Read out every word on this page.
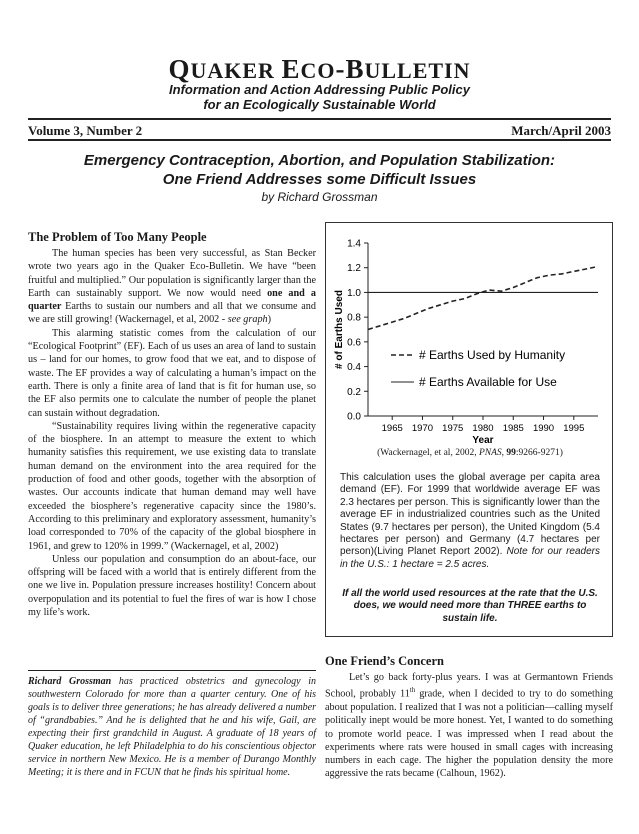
QUAKER ECO-BULLETIN
Information and Action Addressing Public Policy
for an Ecologically Sustainable World
Volume 3, Number 2	March/April 2003
Emergency Contraception, Abortion, and Population Stabilization:
One Friend Addresses some Difficult Issues
by Richard Grossman
The Problem of Too Many People

The human species has been very successful, as Stan Becker wrote two years ago in the Quaker Eco-Bulletin. We have “been fruitful and multiplied.” Our population is significantly larger than the Earth can sustainably support. We now would need one and a quarter Earths to sustain our numbers and all that we consume and we are still growing! (Wackernagel, et al, 2002 - see graph)

This alarming statistic comes from the calculation of our “Ecological Footprint” (EF). Each of us uses an area of land to sustain us – land for our homes, to grow food that we eat, and to dispose of waste. The EF provides a way of calculating a human’s impact on the earth. There is only a finite area of land that is fit for human use, so the EF also permits one to calculate the number of people the planet can sustain without degradation.

“Sustainability requires living within the regenerative capacity of the biosphere. In an attempt to measure the extent to which humanity satisfies this requirement, we use existing data to translate human demand on the environment into the area required for the production of food and other goods, together with the absorption of wastes. Our accounts indicate that human demand may well have exceeded the biosphere’s regenerative capacity since the 1980’s. According to this preliminary and exploratory assessment, humanity’s load corresponded to 70% of the capacity of the global biosphere in 1961, and grew to 120% in 1999.” (Wackernagel, et al, 2002)

Unless our population and consumption do an about-face, our offspring will be faced with a world that is entirely different from the one we live in. Population pressure increases hostility! Concern about overpopulation and its potential to fuel the fires of war is how I chose my life’s work.

Richard Grossman has practiced obstetrics and gynecology in southwestern Colorado for more than a quarter century. One of his goals is to deliver three generations; he has already delivered a number of “grandbabies.” And he is delighted that he and his wife, Gail, are expecting their first grandchild in August. A graduate of 18 years of Quaker education, he left Philadelphia to do his conscientious objector service in northern New Mexico. He is a member of Durango Monthly Meeting; it is there and in FCUN that he finds his spiritual home.
0.0
0.2
0.4
0.6
0.8
1.0
1.2
1.4
1965 1970 1975 1980 1985 1990 1995
Year
# of Earths Used	# Earths Used by Humanity
# Earths Available for Use
(Wackernagel, et al, 2002, PNAS, 99:9266-9271)
This calculation uses the global average per capita area demand (EF). For 1999 that worldwide average EF was 2.3 hectares per person. This is significantly lower than the average EF in industrialized countries such as the United States (9.7 hectares per person), the United Kingdom (5.4 hectares per person) and Germany (4.7 hectares per person)(Living Planet Report 2002). Note for our readers in the U.S.: 1 hectare = 2.5 acres.
If all the world used resources at the rate that the U.S. does, we would need more than THREE earths to sustain life.
One Friend’s Concern

Let’s go back forty-plus years. I was at Germantown Friends School, probably 11th grade, when I decided to try to do something about population. I realized that I was not a politician—calling myself politically inept would be more honest. Yet, I wanted to do something to promote world peace. I was impressed when I read about the experiments where rats were housed in small cages with increasing numbers in each cage. The higher the population density the more aggressive the rats became (Calhoun, 1962).
